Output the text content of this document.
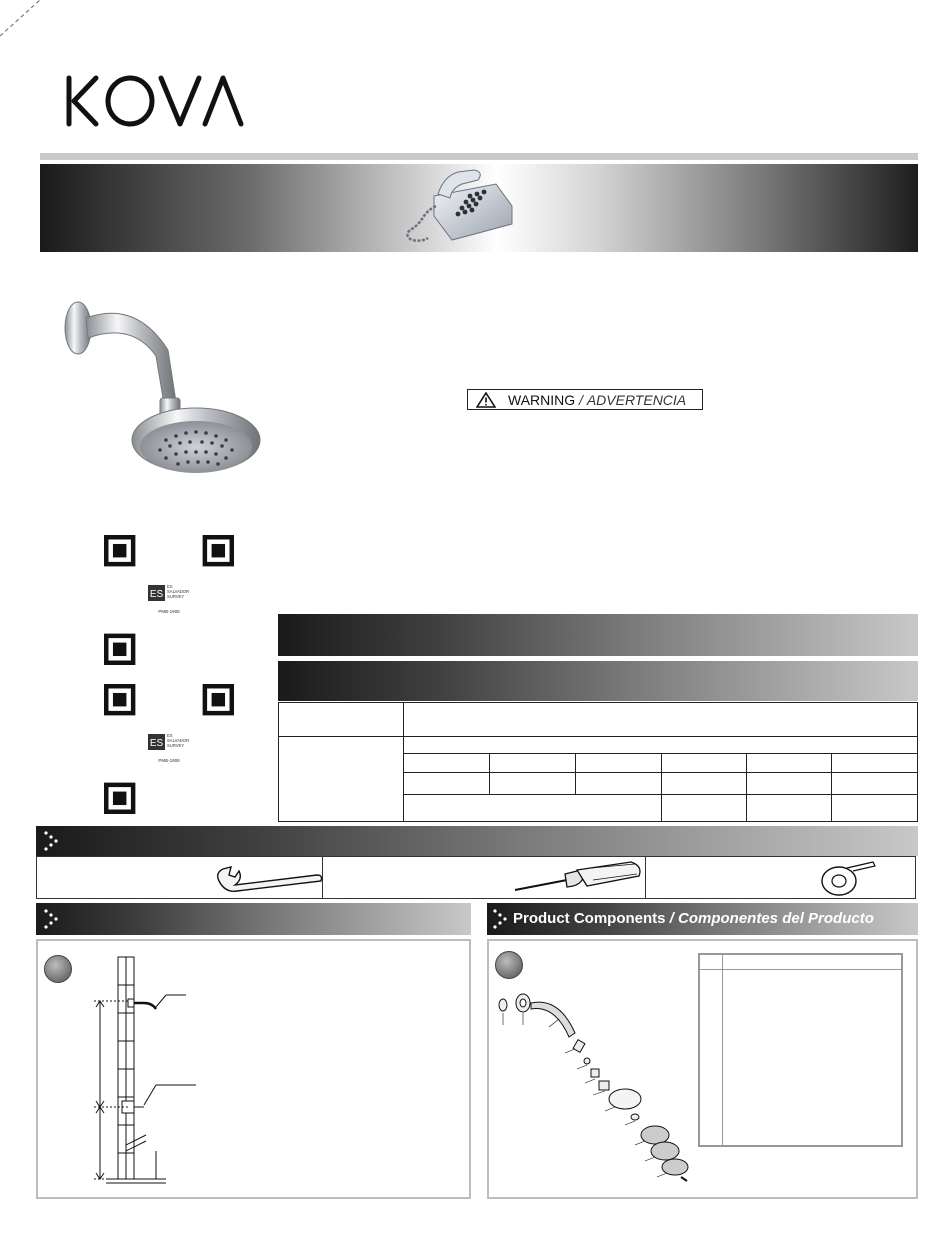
WARNING / ADVERTENCIA
ES
ES
SALVADOR
SURVEY
PMB-1908
ES
ES
SALVADOR
SURVEY
PMB-1908
Product Components / Componentes del Producto
